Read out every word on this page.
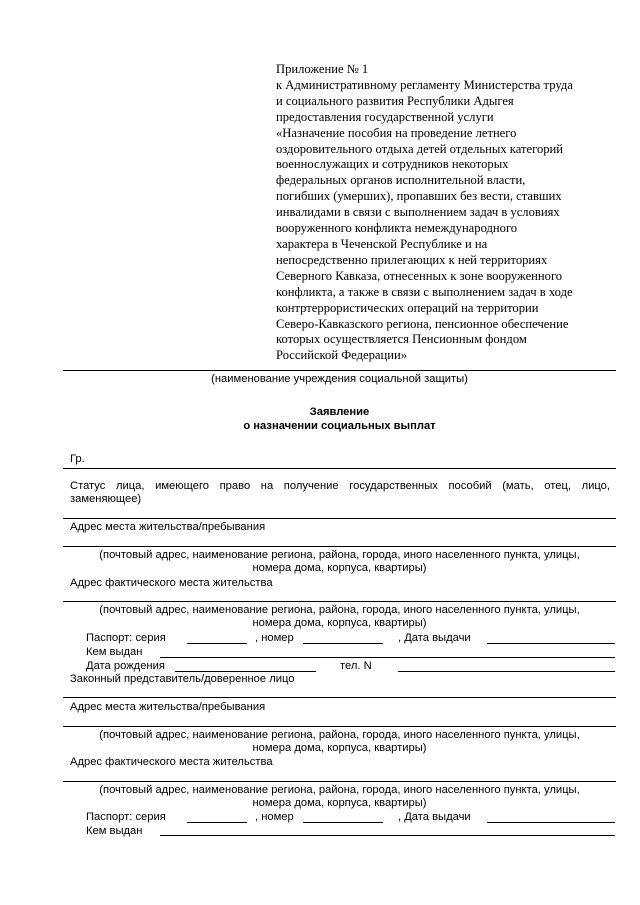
Приложение № 1
к Административному регламенту Министерства труда
и социального развития Республики Адыгея
предоставления государственной услуги
«Назначение пособия на проведение летнего
оздоровительного отдыха детей отдельных категорий
военнослужащих и сотрудников некоторых
федеральных органов исполнительной власти,
погибших (умерших), пропавших без вести, ставших
инвалидами в связи с выполнением задач в условиях
вооруженного конфликта немеждународного
характера в Чеченской Республике и на
непосредственно прилегающих к ней территориях
Северного Кавказа, отнесенных к зоне вооруженного
конфликта, а также в связи с выполнением задач в ходе
контртеррористических операций на территории
Северо-Кавказского региона, пенсионное обеспечение
которых осуществляется Пенсионным фондом
Российской Федерации»
(наименование учреждения социальной защиты)
Заявление
о назначении социальных выплат
Гр.
Статус лица, имеющего право на получение государственных пособий (мать, отец, лицо,
заменяющее)
Адрес места жительства/пребывания
(почтовый адрес, наименование региона, района, города, иного населенного пункта, улицы,
номера дома, корпуса, квартиры)
Адрес фактического места жительства
(почтовый адрес, наименование региона, района, города, иного населенного пункта, улицы,
номера дома, корпуса, квартиры)
Паспорт: серия	, номер	, Дата выдачи
Кем выдан
Дата рождения	тел. N
Законный представитель/доверенное лицо
Адрес места жительства/пребывания
(почтовый адрес, наименование региона, района, города, иного населенного пункта, улицы,
номера дома, корпуса, квартиры)
Адрес фактического места жительства
(почтовый адрес, наименование региона, района, города, иного населенного пункта, улицы,
номера дома, корпуса, квартиры)
Паспорт: серия	, номер	, Дата выдачи
Кем выдан
